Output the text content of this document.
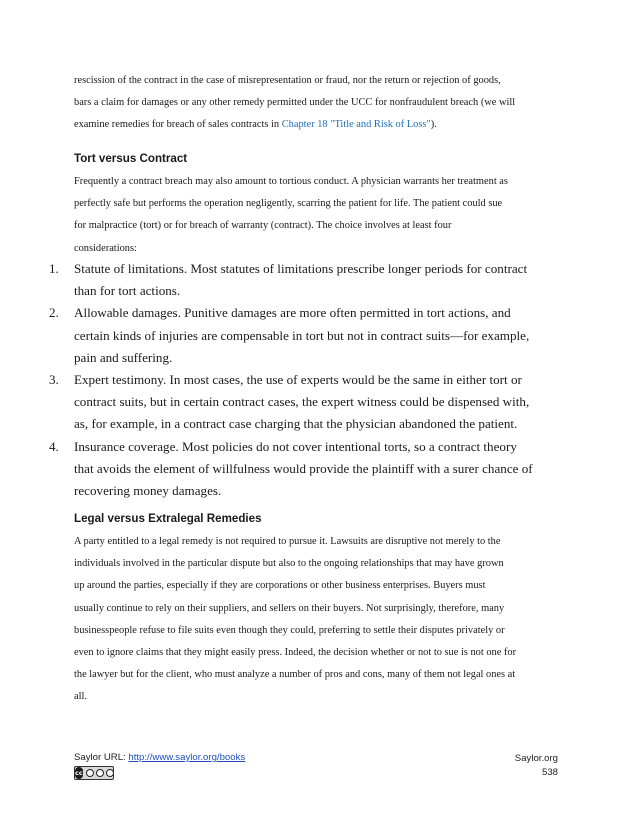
rescission of the contract in the case of misrepresentation or fraud, nor the return or rejection of goods,
bars a claim for damages or any other remedy permitted under the UCC for nonfraudulent breach (we will
examine remedies for breach of sales contracts in Chapter 18 "Title and Risk of Loss").

Tort versus Contract

Frequently a contract breach may also amount to tortious conduct. A physician warrants her treatment as
perfectly safe but performs the operation negligently, scarring the patient for life. The patient could sue
for malpractice (tort) or for breach of warranty (contract). The choice involves at least four
considerations:

1. Statute of limitations. Most statutes of limitations prescribe longer periods for contract
than for tort actions.
2. Allowable damages. Punitive damages are more often permitted in tort actions, and
certain kinds of injuries are compensable in tort but not in contract suits—for example,
pain and suffering.
3. Expert testimony. In most cases, the use of experts would be the same in either tort or
contract suits, but in certain contract cases, the expert witness could be dispensed with,
as, for example, in a contract case charging that the physician abandoned the patient.
4. Insurance coverage. Most policies do not cover intentional torts, so a contract theory
that avoids the element of willfulness would provide the plaintiff with a surer chance of
recovering money damages.
Legal versus Extralegal Remedies

A party entitled to a legal remedy is not required to pursue it. Lawsuits are disruptive not merely to the
individuals involved in the particular dispute but also to the ongoing relationships that may have grown
up around the parties, especially if they are corporations or other business enterprises. Buyers must
usually continue to rely on their suppliers, and sellers on their buyers. Not surprisingly, therefore, many
businesspeople refuse to file suits even though they could, preferring to settle their disputes privately or
even to ignore claims that they might easily press. Indeed, the decision whether or not to sue is not one for
the lawyer but for the client, who must analyze a number of pros and cons, many of them not legal ones at
all.

Saylor URL: http://www.saylor.org/books
cc
Saylor.org
538
